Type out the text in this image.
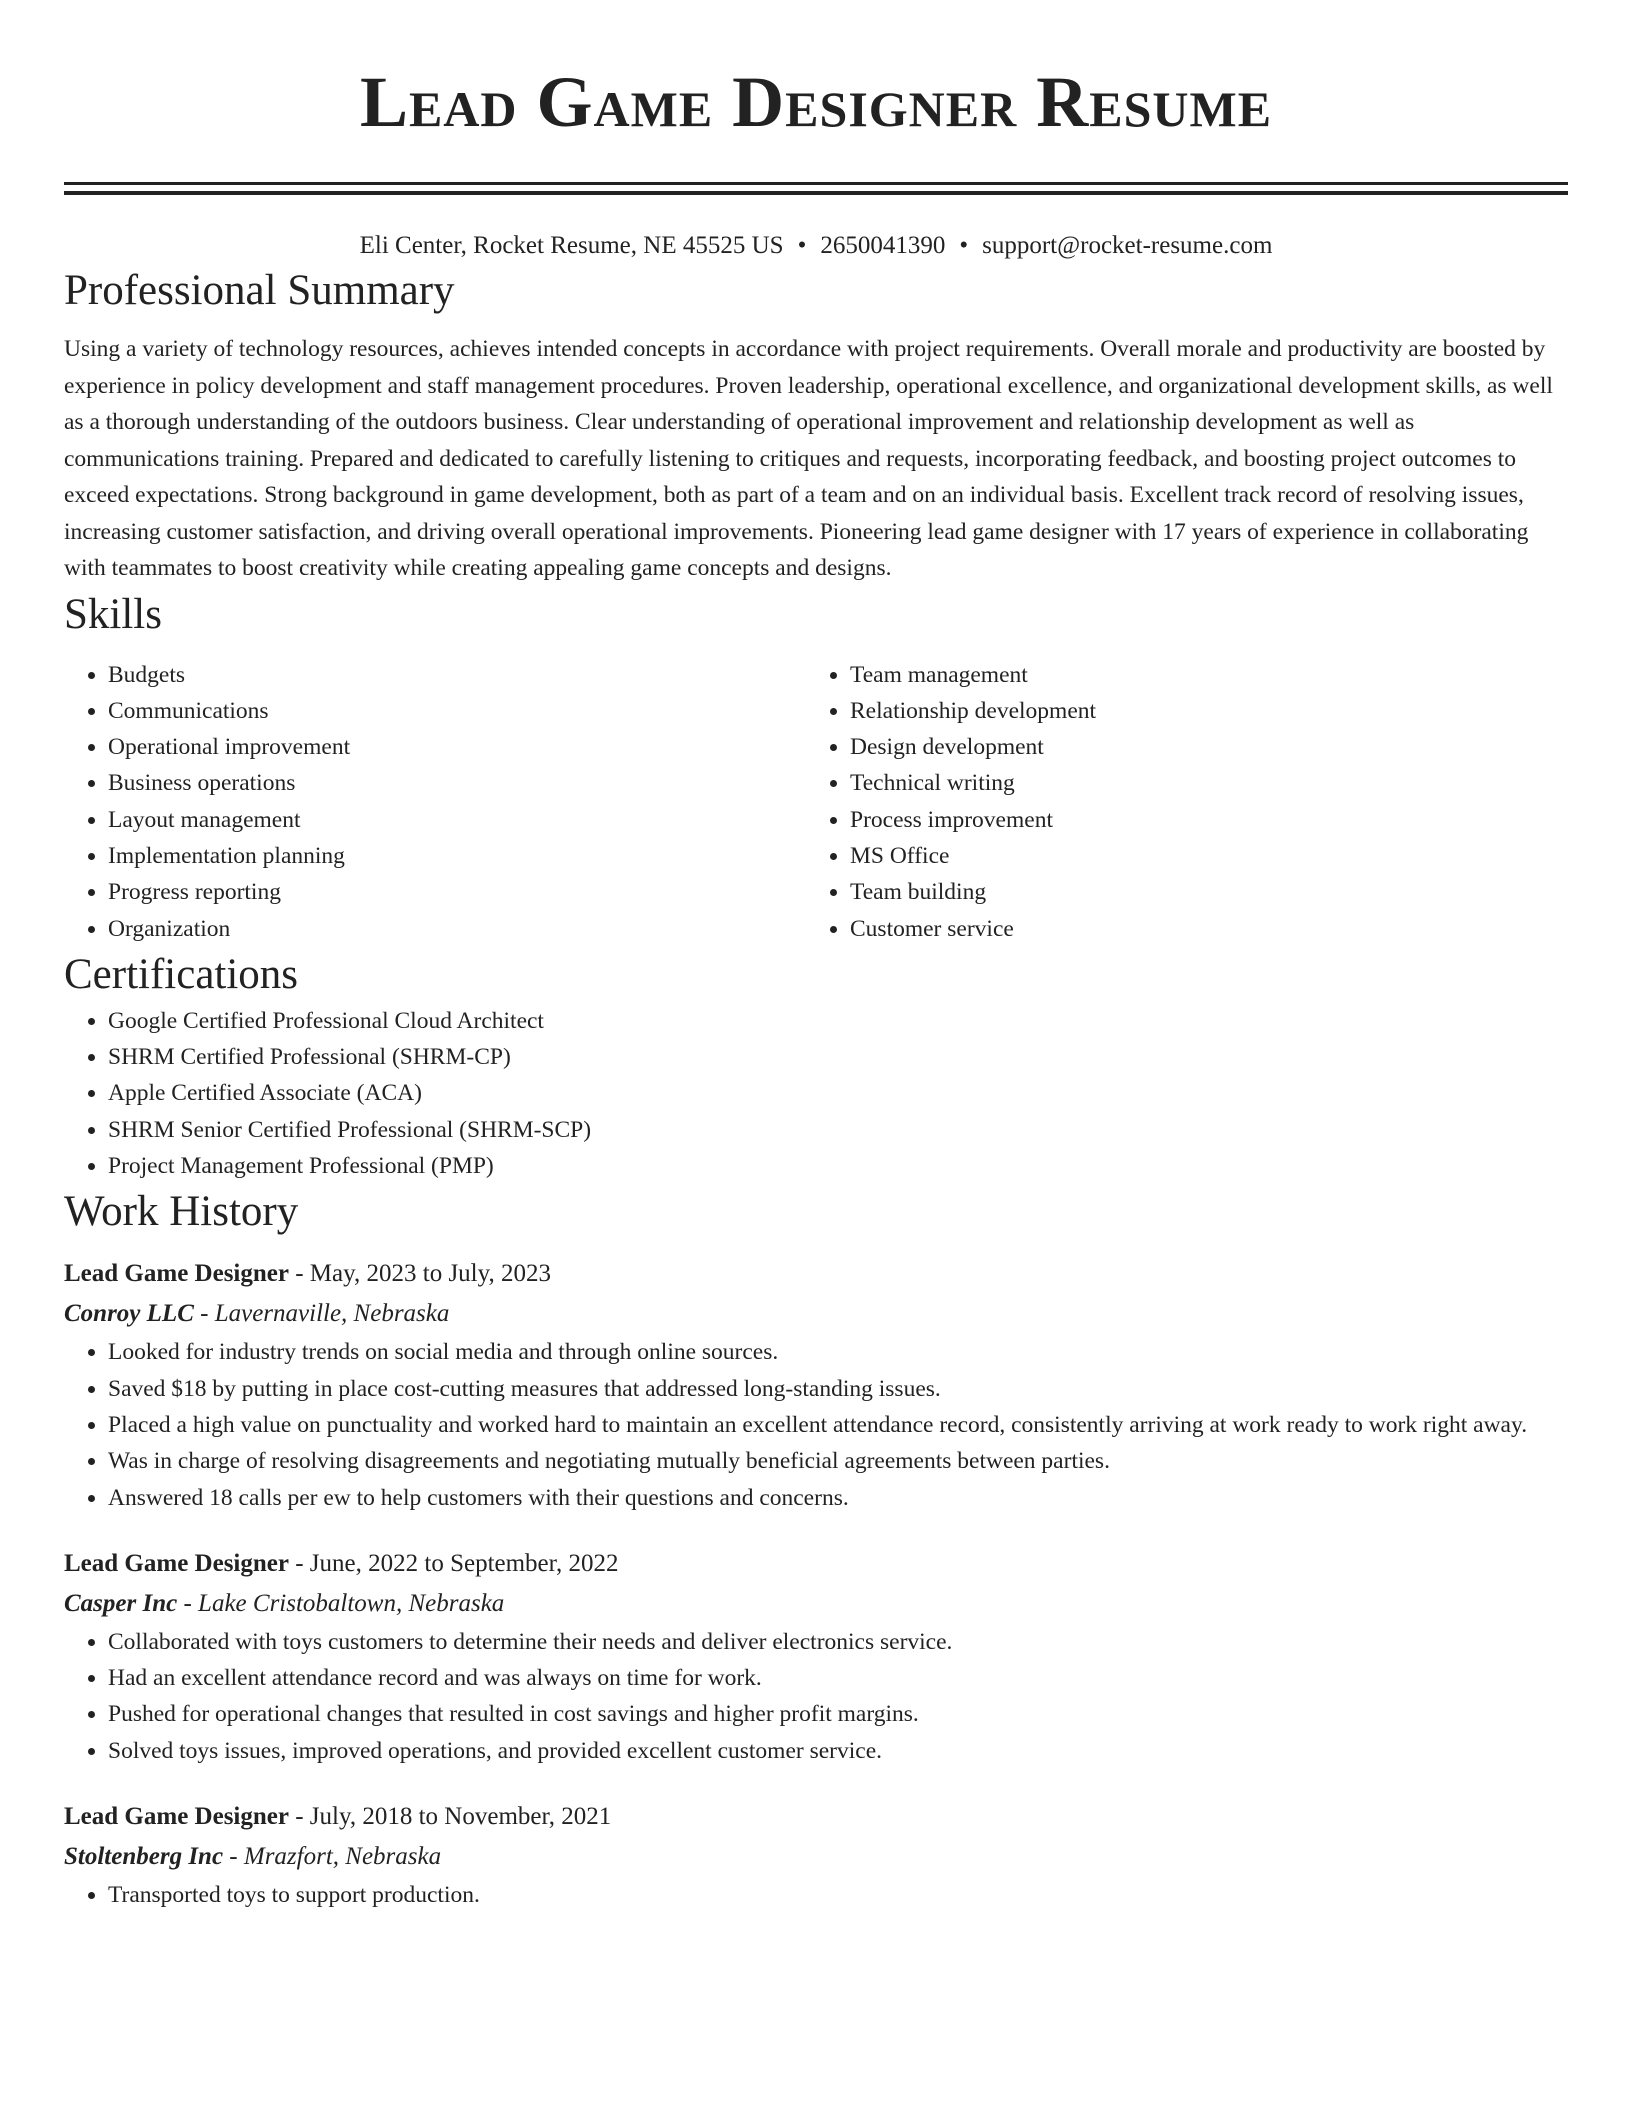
Lead Game Designer Resume
Eli Center, Rocket Resume, NE 45525 US • 2650041390 • support@rocket-resume.com
Professional Summary

Using a variety of technology resources, achieves intended concepts in accordance with project requirements. Overall morale and productivity are boosted by experience in policy development and staff management procedures. Proven leadership, operational excellence, and organizational development skills, as well as a thorough understanding of the outdoors business. Clear understanding of operational improvement and relationship development as well as communications training. Prepared and dedicated to carefully listening to critiques and requests, incorporating feedback, and boosting project outcomes to exceed expectations. Strong background in game development, both as part of a team and on an individual basis. Excellent track record of resolving issues, increasing customer satisfaction, and driving overall operational improvements. Pioneering lead game designer with 17 years of experience in collaborating with teammates to boost creativity while creating appealing game concepts and designs.

Skills
• Budgets
• Communications
• Operational improvement
• Business operations
• Layout management
• Implementation planning
• Progress reporting
• Organization
• Team management
• Relationship development
• Design development
• Technical writing
• Process improvement
• MS Office
• Team building
• Customer service
Certifications
• Google Certified Professional Cloud Architect
• SHRM Certified Professional (SHRM-CP)
• Apple Certified Associate (ACA)
• SHRM Senior Certified Professional (SHRM-SCP)
• Project Management Professional (PMP)
Work History
Lead Game Designer - May, 2023 to July, 2023
Conroy LLC - Lavernaville, Nebraska
• Looked for industry trends on social media and through online sources.
• Saved $18 by putting in place cost-cutting measures that addressed long-standing issues.
• Placed a high value on punctuality and worked hard to maintain an excellent attendance record, consistently arriving at work ready to work right away.
• Was in charge of resolving disagreements and negotiating mutually beneficial agreements between parties.
• Answered 18 calls per ew to help customers with their questions and concerns.
Lead Game Designer - June, 2022 to September, 2022
Casper Inc - Lake Cristobaltown, Nebraska
• Collaborated with toys customers to determine their needs and deliver electronics service.
• Had an excellent attendance record and was always on time for work.
• Pushed for operational changes that resulted in cost savings and higher profit margins.
• Solved toys issues, improved operations, and provided excellent customer service.
Lead Game Designer - July, 2018 to November, 2021
Stoltenberg Inc - Mrazfort, Nebraska
• Transported toys to support production.
